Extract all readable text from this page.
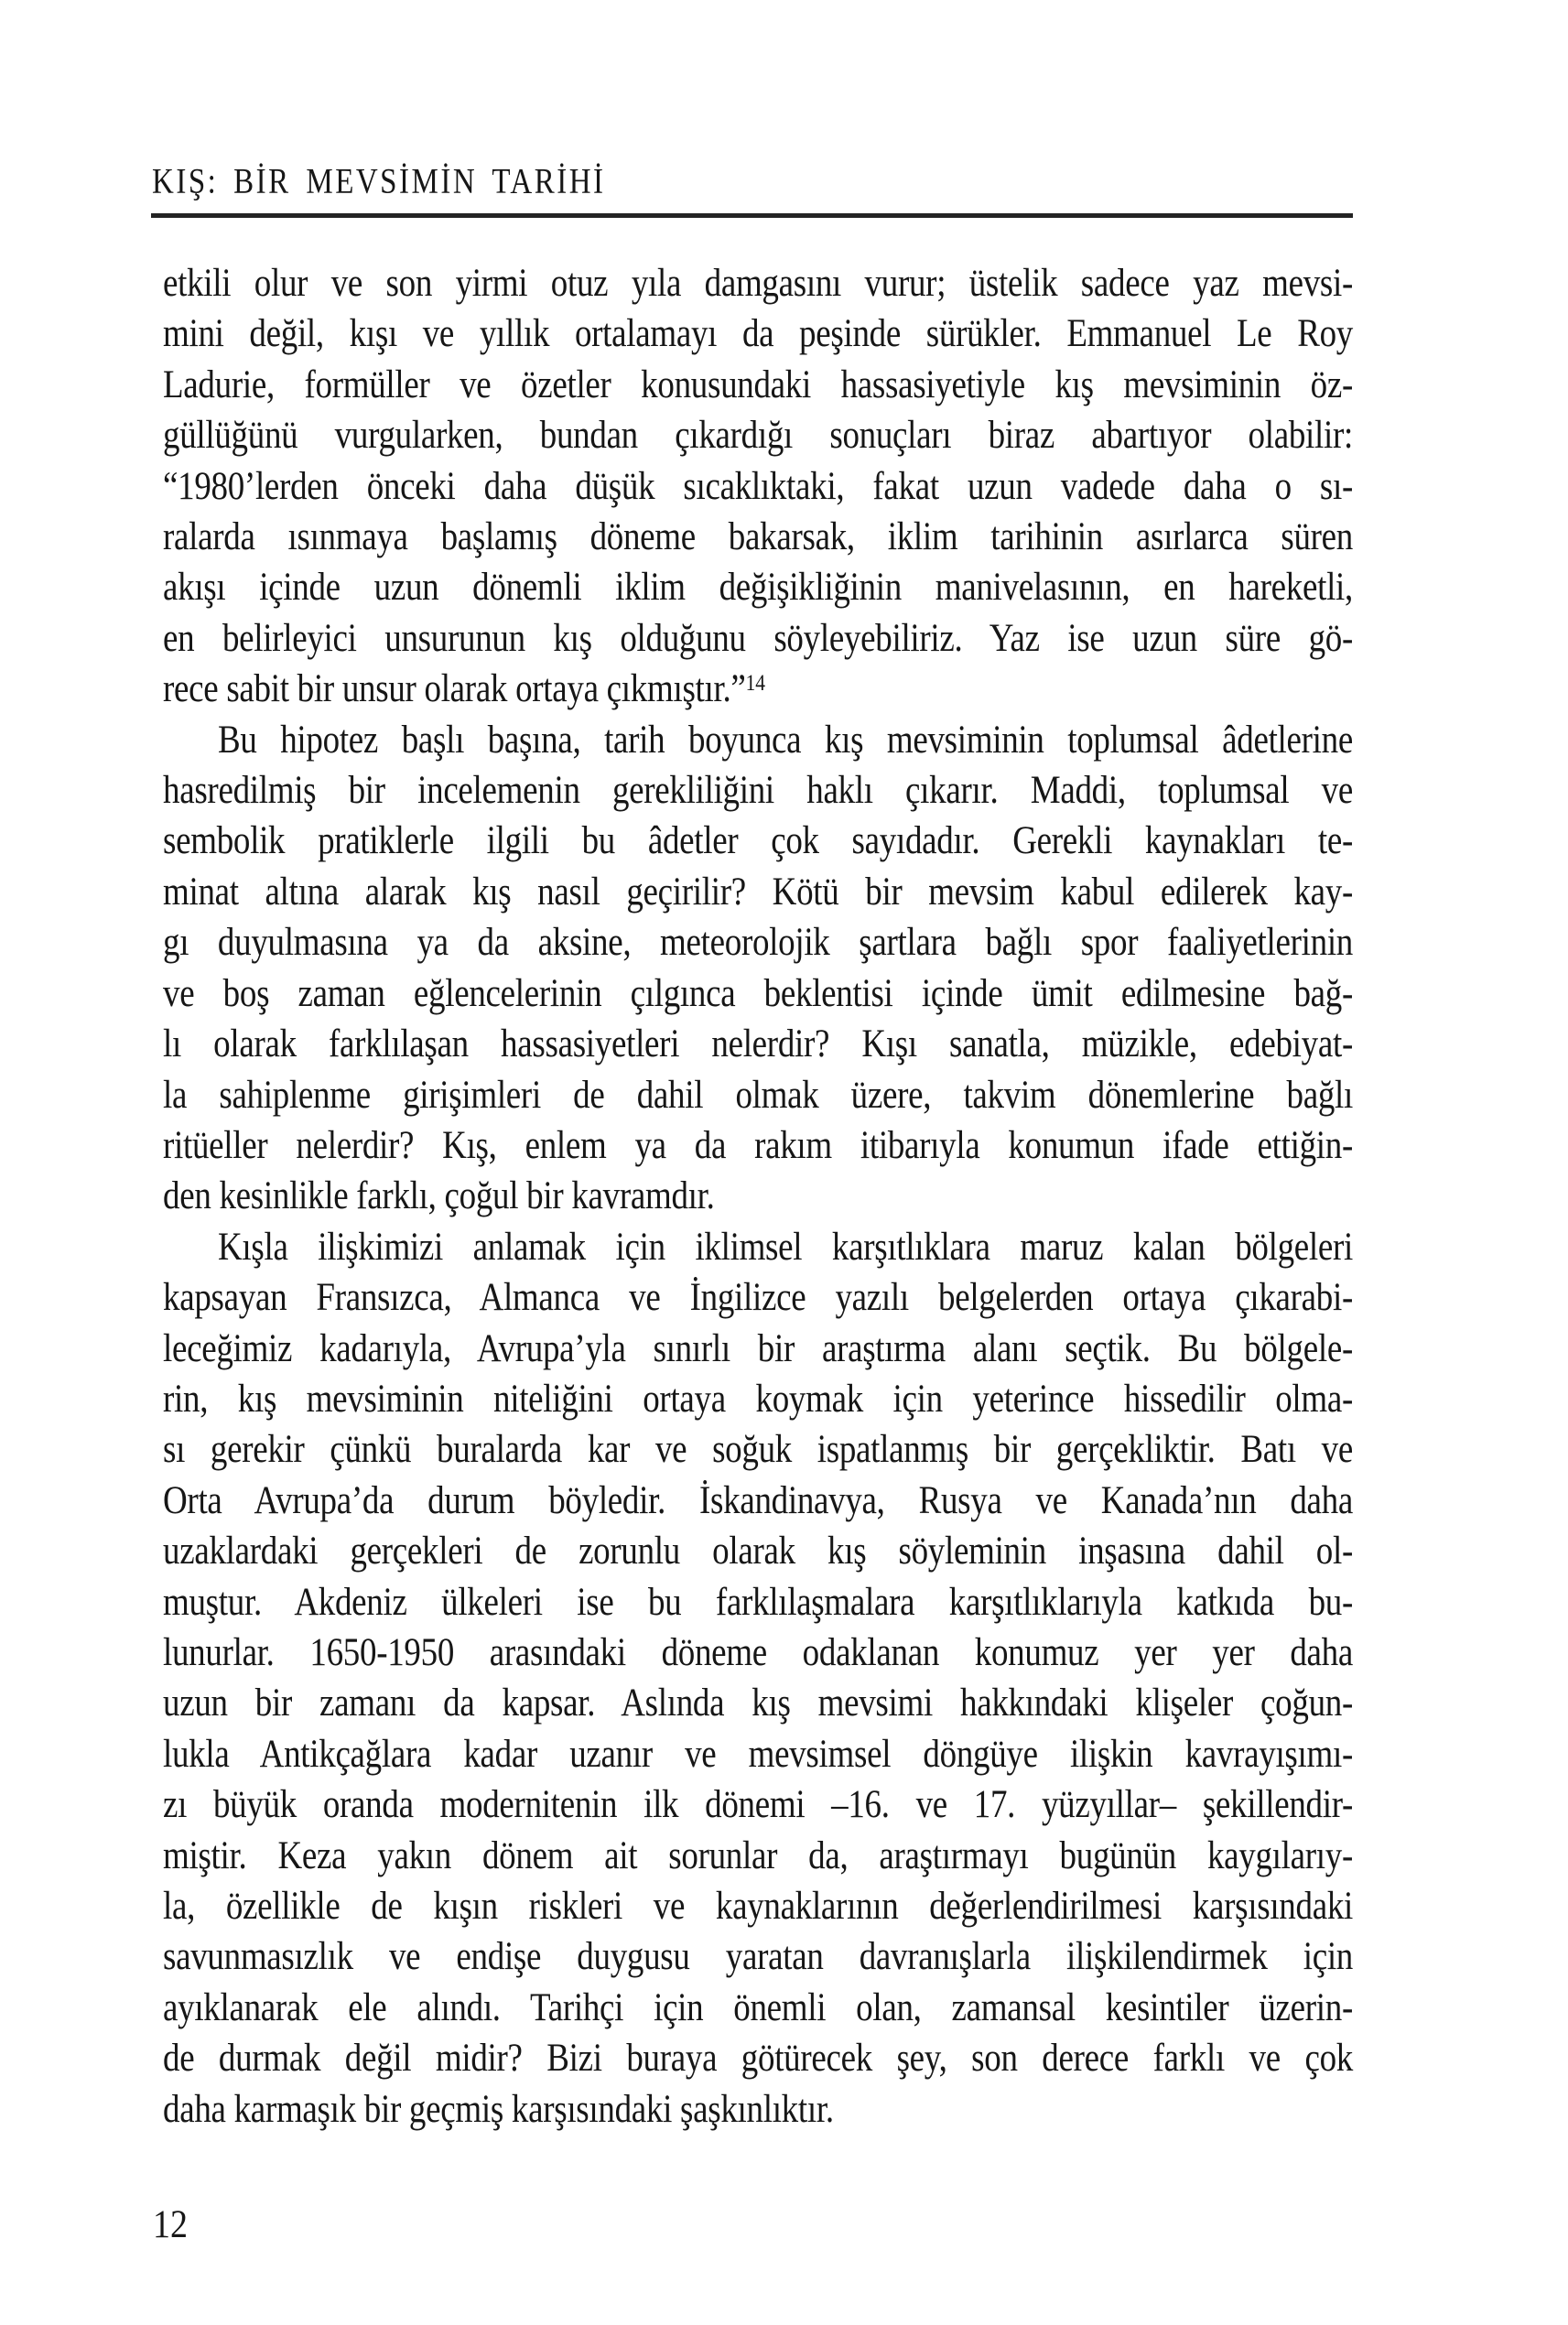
KIŞ: BİR MEVSİMİN TARİHİ
etkili olur ve son yirmi otuz yıla damgasını vurur; üstelik sadece yaz mevsi-
mini değil, kışı ve yıllık ortalamayı da peşinde sürükler. Emmanuel Le Roy
Ladurie, formüller ve özetler konusundaki hassasiyetiyle kış mevsiminin öz-
güllüğünü vurgularken, bundan çıkardığı sonuçları biraz abartıyor olabilir:
“1980’lerden önceki daha düşük sıcaklıktaki, fakat uzun vadede daha o sı-
ralarda ısınmaya başlamış döneme bakarsak, iklim tarihinin asırlarca süren
akışı içinde uzun dönemli iklim değişikliğinin manivelasının, en hareketli,
en belirleyici unsurunun kış olduğunu söyleyebiliriz. Yaz ise uzun süre gö-
rece sabit bir unsur olarak ortaya çıkmıştır.”$^{14}$
Bu hipotez başlı başına, tarih boyunca kış mevsiminin toplumsal âdetlerine
hasredilmiş bir incelemenin gerekliliğini haklı çıkarır. Maddi, toplumsal ve
sembolik pratiklerle ilgili bu âdetler çok sayıdadır. Gerekli kaynakları te-
minat altına alarak kış nasıl geçirilir? Kötü bir mevsim kabul edilerek kay-
gı duyulmasına ya da aksine, meteorolojik şartlara bağlı spor faaliyetlerinin
ve boş zaman eğlencelerinin çılgınca beklentisi içinde ümit edilmesine bağ-
lı olarak farklılaşan hassasiyetleri nelerdir? Kışı sanatla, müzikle, edebiyat-
la sahiplenme girişimleri de dahil olmak üzere, takvim dönemlerine bağlı
ritüeller nelerdir? Kış, enlem ya da rakım itibarıyla konumun ifade ettiğin-
den kesinlikle farklı, çoğul bir kavramdır.
Kışla ilişkimizi anlamak için iklimsel karşıtlıklara maruz kalan bölgeleri
kapsayan Fransızca, Almanca ve İngilizce yazılı belgelerden ortaya çıkarabi-
leceğimiz kadarıyla, Avrupa’yla sınırlı bir araştırma alanı seçtik. Bu bölgele-
rin, kış mevsiminin niteliğini ortaya koymak için yeterince hissedilir olma-
sı gerekir çünkü buralarda kar ve soğuk ispatlanmış bir gerçekliktir. Batı ve
Orta Avrupa’da durum böyledir. İskandinavya, Rusya ve Kanada’nın daha
uzaklardaki gerçekleri de zorunlu olarak kış söyleminin inşasına dahil ol-
muştur. Akdeniz ülkeleri ise bu farklılaşmalara karşıtlıklarıyla katkıda bu-
lunurlar. 1650-1950 arasındaki döneme odaklanan konumuz yer yer daha
uzun bir zamanı da kapsar. Aslında kış mevsimi hakkındaki klişeler çoğun-
lukla Antikçağlara kadar uzanır ve mevsimsel döngüye ilişkin kavrayışımı-
zı büyük oranda modernitenin ilk dönemi –16. ve 17. yüzyıllar– şekillendir-
miştir. Keza yakın dönem ait sorunlar da, araştırmayı bugünün kaygılarıy-
la, özellikle de kışın riskleri ve kaynaklarının değerlendirilmesi karşısındaki
savunmasızlık ve endişe duygusu yaratan davranışlarla ilişkilendirmek için
ayıklanarak ele alındı. Tarihçi için önemli olan, zamansal kesintiler üzerin-
de durmak değil midir? Bizi buraya götürecek şey, son derece farklı ve çok
daha karmaşık bir geçmiş karşısındaki şaşkınlıktır.
12
